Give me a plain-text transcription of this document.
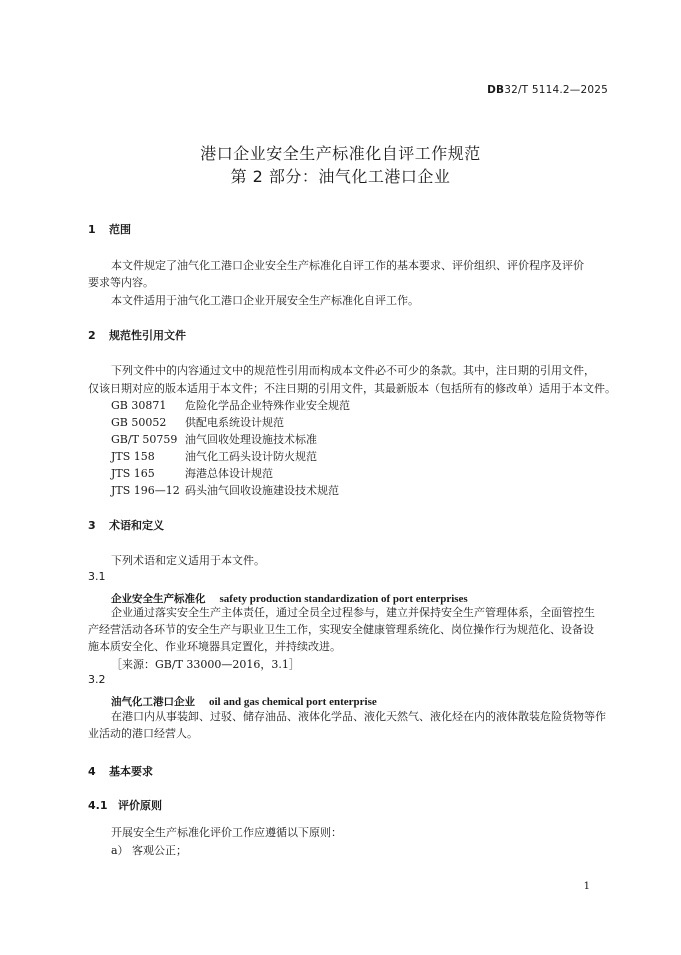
DB32/T 5114.2—2025
港口企业安全生产标准化自评工作规范
第 2 部分：油气化工港口企业
1 范围
本文件规定了油气化工港口企业安全生产标准化自评工作的基本要求、评价组织、评价程序及评价
要求等内容。
本文件适用于油气化工港口企业开展安全生产标准化自评工作。
2 规范性引用文件
下列文件中的内容通过文中的规范性引用而构成本文件必不可少的条款。其中，注日期的引用文件，
仅该日期对应的版本适用于本文件；不注日期的引用文件，其最新版本（包括所有的修改单）适用于本文件。
GB 30871 危险化学品企业特殊作业安全规范
GB 50052 供配电系统设计规范
GB/T 50759 油气回收处理设施技术标准
JTS 158	油气化工码头设计防火规范
JTS 165	海港总体设计规范
JTS 196—12 码头油气回收设施建设技术规范
3 术语和定义
下列术语和定义适用于本文件。
3.1
企业安全生产标准化 safety production standardization of port enterprises
企业通过落实安全生产主体责任，通过全员全过程参与，建立并保持安全生产管理体系，全面管控生
产经营活动各环节的安全生产与职业卫生工作，实现安全健康管理系统化、岗位操作行为规范化、设备设
施本质安全化、作业环境器具定置化，并持续改进。
［来源：GB/T 33000—2016，3.1］
3.2
油气化工港口企业 oil and gas chemical port enterprise
在港口内从事装卸、过驳、储存油品、液体化学品、液化天然气、液化烃在内的液体散装危险货物等作
业活动的港口经营人。
4 基本要求
4.1 评价原则
开展安全生产标准化评价工作应遵循以下原则：
a） 客观公正；
1
